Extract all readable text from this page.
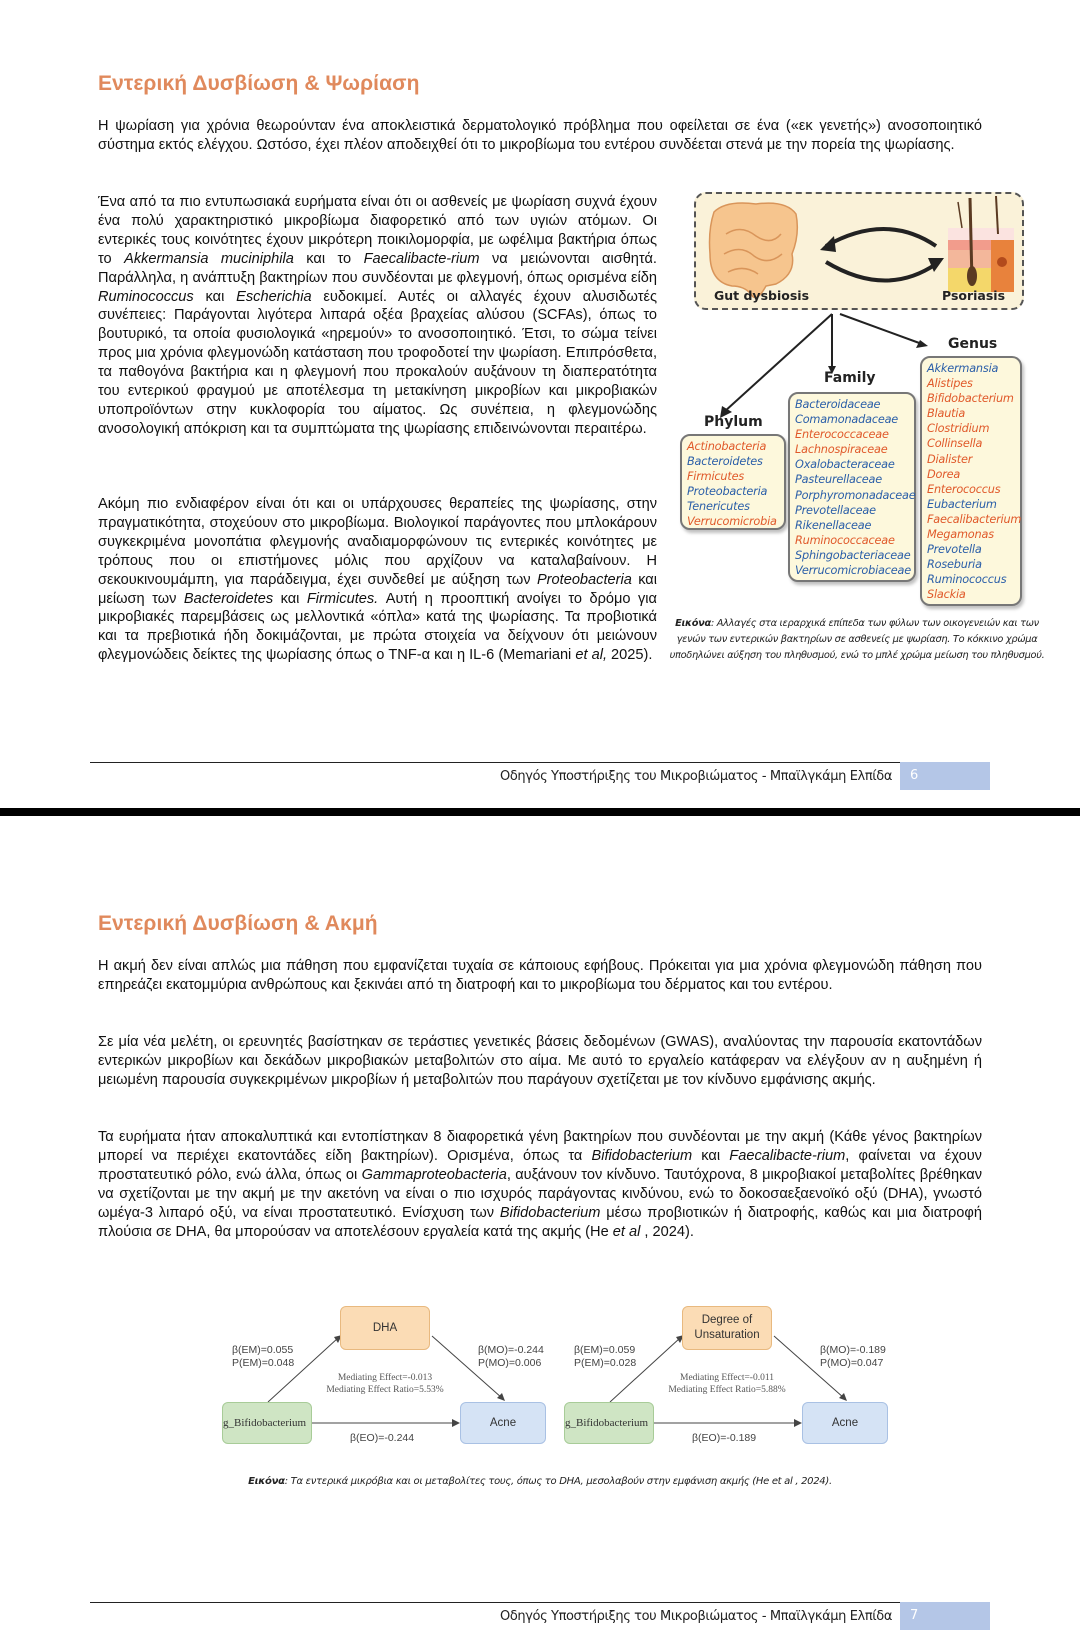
Εντερική Δυσβίωση & Ψωρίαση

Η ψωρίαση για χρόνια θεωρούνταν ένα αποκλειστικά δερματολογικό πρόβλημα που οφείλεται σε ένα («εκ γενετής») ανοσοποιητικό σύστημα εκτός ελέγχου. Ωστόσο, έχει πλέον αποδειχθεί ότι το μικροβίωμα του εντέρου συνδέεται στενά με την πορεία της ψωρίασης.

Ένα από τα πιο εντυπωσιακά ευρήματα είναι ότι οι ασθενείς με ψωρίαση συχνά έχουν ένα πολύ χαρακτηριστικό μικροβίωμα διαφορετικό από των υγιών ατόμων. Οι εντερικές τους κοινότητες έχουν μικρότερη ποικιλομορφία, με ωφέλιμα βακτήρια όπως το Akkermansia muciniphila και το Faecalibacte-rium να μειώνονται αισθητά. Παράλληλα, η ανάπτυξη βακτηρίων που συνδέονται με φλεγμονή, όπως ορισμένα είδη Ruminococcus και Escherichia ευδοκιμεί. Αυτές οι αλλαγές έχουν αλυσιδωτές συνέπειες: Παράγονται λιγότερα λιπαρά οξέα βραχείας αλύσου (SCFAs), όπως το βουτυρικό, τα οποία φυσιολογικά «ηρεμούν» το ανοσοποιητικό. Έτσι, το σώμα τείνει προς μια χρόνια φλεγμονώδη κατάσταση που τροφοδοτεί την ψωρίαση. Επιπρόσθετα, τα παθογόνα βακτήρια και η φλεγμονή που προκαλούν αυξάνουν τη διαπερατότητα του εντερικού φραγμού με αποτέλεσμα τη μετακίνηση μικροβίων και μικροβιακών υποπροϊόντων στην κυκλοφορία του αίματος. Ως συνέπεια, η φλεγμονώδης ανοσολογική απόκριση και τα συμπτώματα της ψωρίασης επιδεινώνονται περαιτέρω.

Ακόμη πιο ενδιαφέρον είναι ότι και οι υπάρχουσες θεραπείες της ψωρίασης, στην πραγματικότητα, στοχεύουν στο μικροβίωμα. Βιολογικοί παράγοντες που μπλοκάρουν συγκεκριμένα μονοπάτια φλεγμονής αναδιαμορφώνουν τις εντερικές κοινότητες με τρόπους που οι επιστήμονες μόλις που αρχίζουν να καταλαβαίνουν. Η σεκουκινουμάμπη, για παράδειγμα, έχει συνδεθεί με αύξηση των Proteobacteria και μείωση των Bacteroidetes και Firmicutes. Αυτή η προοπτική ανοίγει το δρόμο για μικροβιακές παρεμβάσεις ως μελλοντικά «όπλα» κατά της ψωρίασης. Τα προβιοτικά και τα πρεβιοτικά ήδη δοκιμάζονται, με πρώτα στοιχεία να δείχνουν ότι μειώνουν φλεγμονώδεις δείκτες της ψωρίασης όπως ο TNF-α και η IL-6 (Memariani et al, 2025).

Gut dysbiosis	Psoriasis
Phylum
Actinobacteria
Bacteroidetes
Firmicutes
Proteobacteria
Tenericutes
Verrucomicrobia
Family
Bacteroidaceae
Comamonadaceae
Enterococcaceae
Lachnospiraceae
Oxalobacteraceae
Pasteurellaceae
Porphyromonadaceae
Prevotellaceae
Rikenellaceae
Ruminococcaceae
Sphingobacteriaceae
Verrucomicrobiaceae
Genus
Akkermansia
Alistipes
Bifidobacterium
Blautia
Clostridium
Collinsella
Dialister
Dorea
Enterococcus
Eubacterium
Faecalibacterium
Megamonas
Prevotella
Roseburia
Ruminococcus
Slackia
Εικόνα: Αλλαγές στα ιεραρχικά επίπεδα των φύλων των οικογενειών και των γενών των εντερικών βακτηρίων σε ασθενείς με ψωρίαση. Το κόκκινο χρώμα υποδηλώνει αύξηση του πληθυσμού, ενώ το μπλέ χρώμα μείωση του πληθυσμού.
Οδηγός Υποστήριξης του Μικροβιώματος - Μπαϊλγκάμη Ελπίδα	6
Εντερική Δυσβίωση & Ακμή

Η ακμή δεν είναι απλώς μια πάθηση που εμφανίζεται τυχαία σε κάποιους εφήβους. Πρόκειται για μια χρόνια φλεγμονώδη πάθηση που επηρεάζει εκατομμύρια ανθρώπους και ξεκινάει από τη διατροφή και το μικροβίωμα του δέρματος και του εντέρου.

Σε μία νέα μελέτη, οι ερευνητές βασίστηκαν σε τεράστιες γενετικές βάσεις δεδομένων (GWAS), αναλύοντας την παρουσία εκατοντάδων εντερικών μικροβίων και δεκάδων μικροβιακών μεταβολιτών στο αίμα. Με αυτό το εργαλείο κατάφεραν να ελέγξουν αν η αυξημένη ή μειωμένη παρουσία συγκεκριμένων μικροβίων ή μεταβολιτών που παράγουν σχετίζεται με τον κίνδυνο εμφάνισης ακμής.

Τα ευρήματα ήταν αποκαλυπτικά και εντοπίστηκαν 8 διαφορετικά γένη βακτηρίων που συνδέονται με την ακμή (Κάθε γένος βακτηρίων μπορεί να περιέχει εκατοντάδες είδη βακτηρίων). Ορισμένα, όπως τα Bifidobacterium και Faecalibacte-rium, φαίνεται να έχουν προστατευτικό ρόλο, ενώ άλλα, όπως οι Gammaproteobacteria, αυξάνουν τον κίνδυνο. Ταυτόχρονα, 8 μικροβιακοί μεταβολίτες βρέθηκαν να σχετίζονται με την ακμή με την ακετόνη να είναι ο πιο ισχυρός παράγοντας κινδύνου, ενώ το δοκοσαεξαενοϊκό οξύ (DHA), γνωστό ωμέγα-3 λιπαρό οξύ, να είναι προστατευτικό. Ενίσχυση των Bifidobacterium μέσω προβιοτικών ή διατροφής, καθώς και μια διατροφή πλούσια σε DHA, θα μπορούσαν να αποτελέσουν εργαλεία κατά της ακμής (He et al , 2024).

Εικόνα: Τα εντερικά μικρόβια και οι μεταβολίτες τους, όπως το DHA, μεσολαβούν στην εμφάνιση ακμής (He et al , 2024).
Οδηγός Υποστήριξης του Μικροβιώματος - Μπαϊλγκάμη Ελπίδα	7
DHA
g_Bifidobacterium	Acne
β(EM)=0.055
P(EM)=0.048
β(MO)=-0.244
P(MO)=0.006
Mediating Effect=-0.013
Mediating Effect Ratio=5.53%
β(EO)=-0.244
Degree of Unsaturation
g_Bifidobacterium	Acne
β(EM)=0.059
P(EM)=0.028
β(MO)=-0.189
P(MO)=0.047
Mediating Effect=-0.011
Mediating Effect Ratio=5.88%
β(EO)=-0.189
